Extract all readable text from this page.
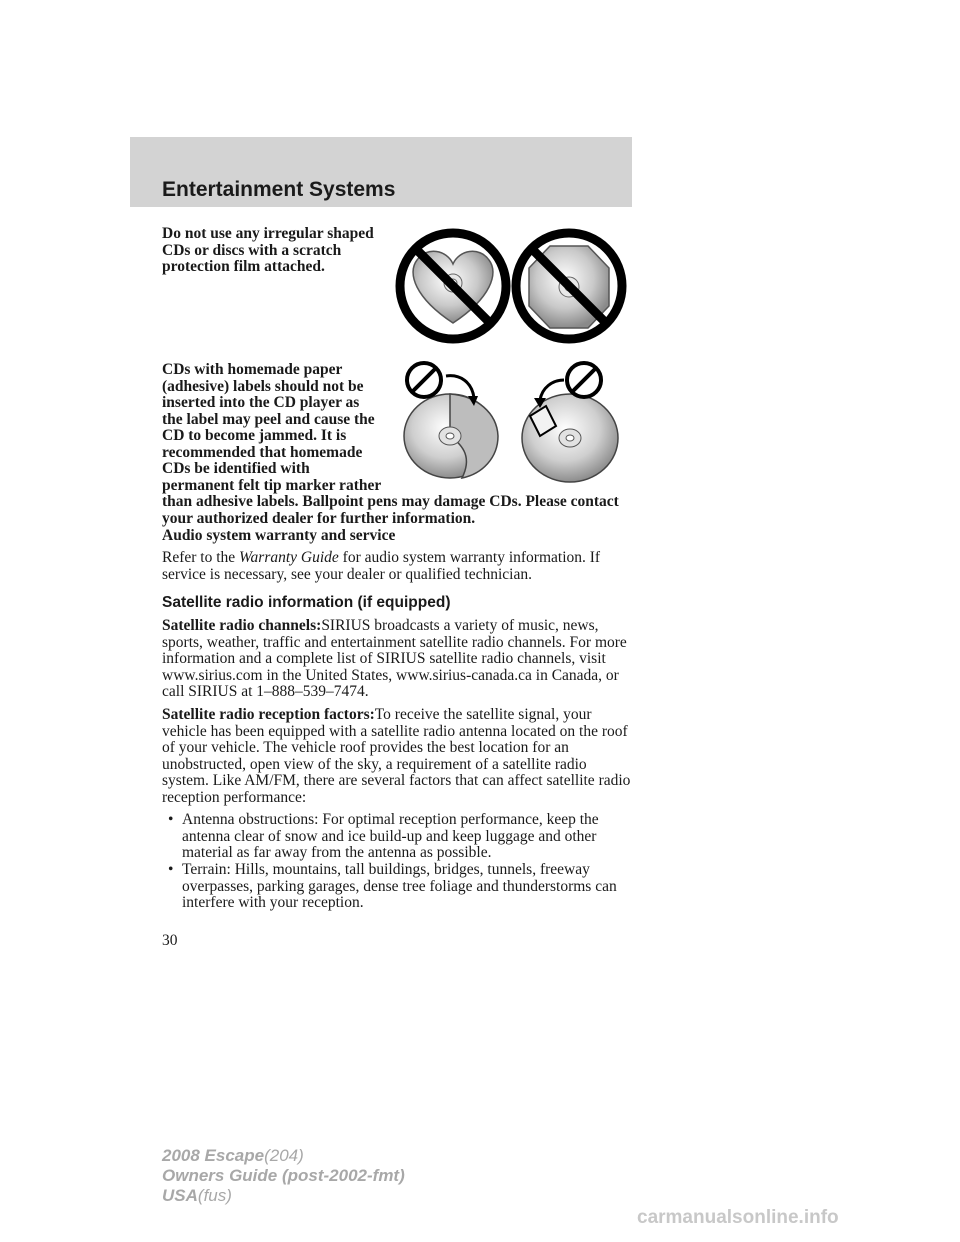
Entertainment Systems
Do not use any irregular shaped CDs or discs with a scratch protection film attached.
CDs with homemade paper
(adhesive) labels should not be
inserted into the CD player as
the label may peel and cause the
CD to become jammed. It is
recommended that homemade
CDs be identified with
permanent felt tip marker rather
than adhesive labels. Ballpoint pens may damage CDs. Please contact your authorized dealer for further information.
Audio system warranty and service
Refer to the Warranty Guide for audio system warranty information. If service is necessary, see your dealer or qualified technician.
Satellite radio information (if equipped)
Satellite radio channels:SIRIUS broadcasts a variety of music, news, sports, weather, traffic and entertainment satellite radio channels. For more information and a complete list of SIRIUS satellite radio channels, visit www.sirius.com in the United States, www.sirius-canada.ca in Canada, or call SIRIUS at 1–888–539–7474.
Satellite radio reception factors:To receive the satellite signal, your vehicle has been equipped with a satellite radio antenna located on the roof of your vehicle. The vehicle roof provides the best location for an unobstructed, open view of the sky, a requirement of a satellite radio system. Like AM/FM, there are several factors that can affect satellite radio reception performance:
• Antenna obstructions: For optimal reception performance, keep the antenna clear of snow and ice build-up and keep luggage and other material as far away from the antenna as possible.
• Terrain: Hills, mountains, tall buildings, bridges, tunnels, freeway overpasses, parking garages, dense tree foliage and thunderstorms can interfere with your reception.
30
2008 Escape(204)
Owners Guide (post-2002-fmt)
USA(fus)
carmanualsonline.info
